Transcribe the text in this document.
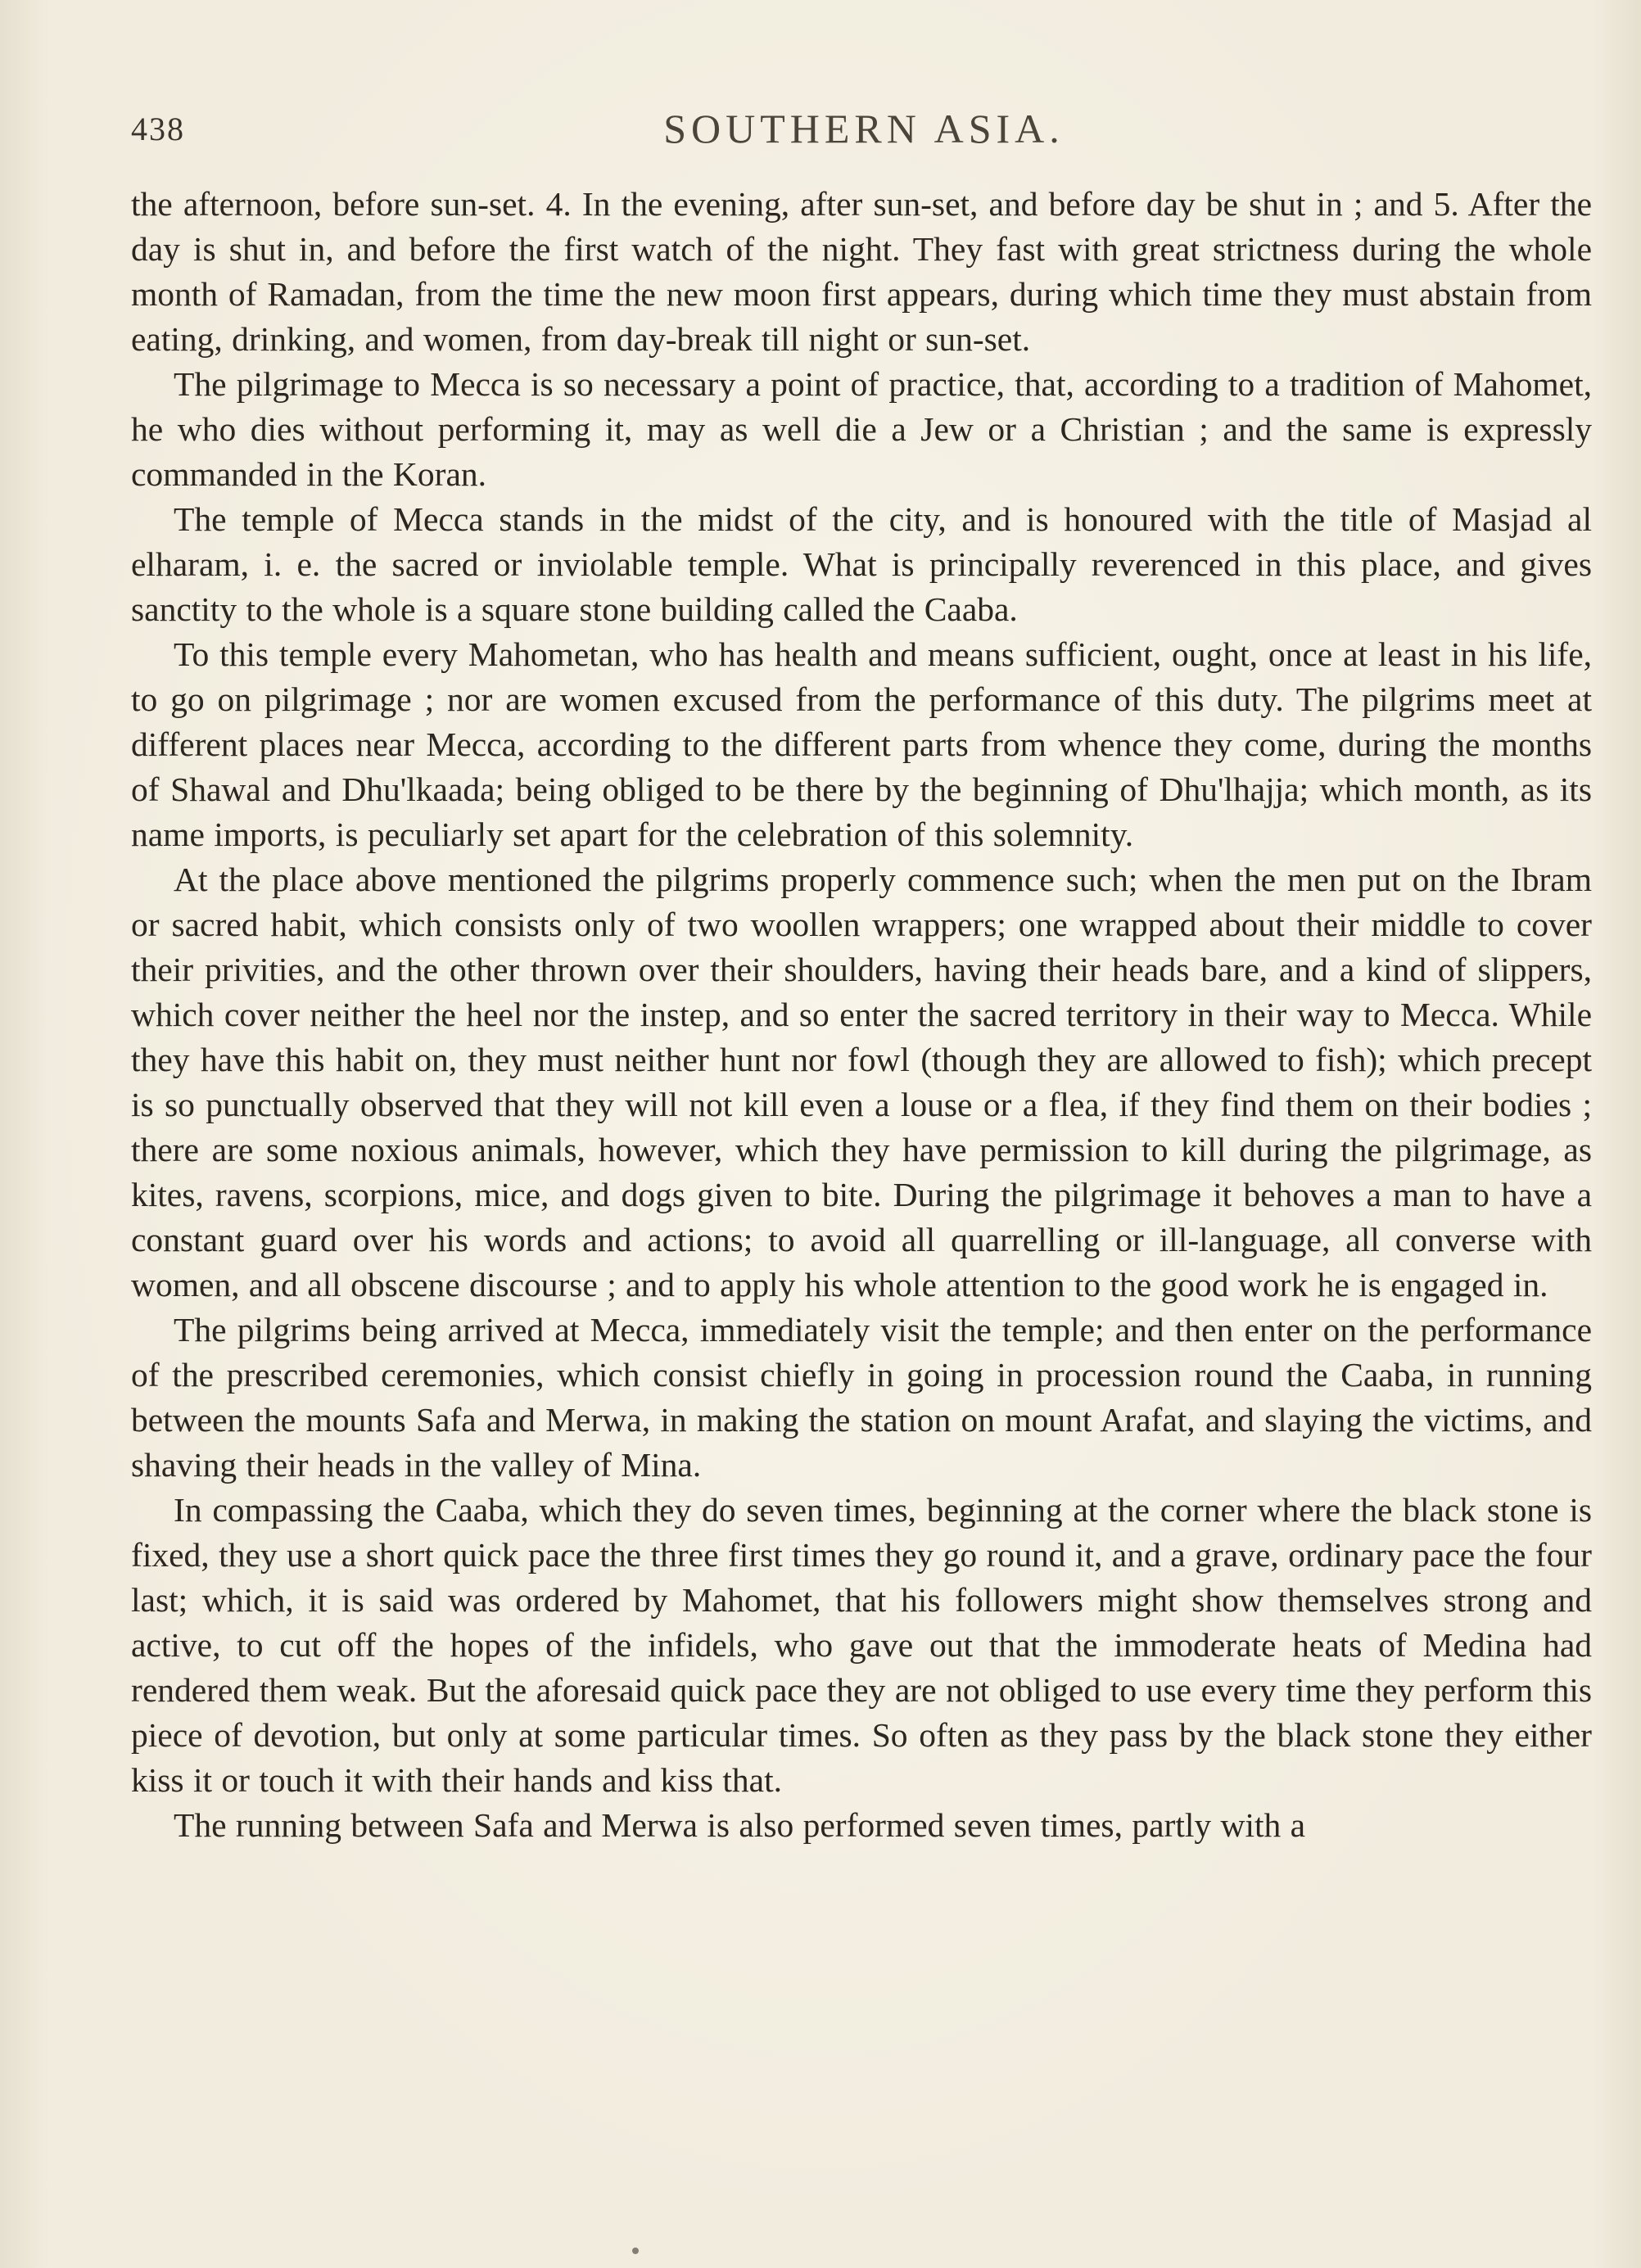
438	SOUTHERN ASIA.

the afternoon, before sun-set. 4. In the evening, after sun-set, and before day be shut in ; and 5. After the day is shut in, and before the first watch of the night. They fast with great strictness during the whole month of Ramadan, from the time the new moon first appears, during which time they must abstain from eating, drinking, and women, from day-break till night or sun-set.

The pilgrimage to Mecca is so necessary a point of practice, that, according to a tradition of Mahomet, he who dies without performing it, may as well die a Jew or a Christian ; and the same is expressly commanded in the Koran.

The temple of Mecca stands in the midst of the city, and is honoured with the title of Masjad al elharam, i. e. the sacred or inviolable temple. What is principally reverenced in this place, and gives sanctity to the whole is a square stone building called the Caaba.

To this temple every Mahometan, who has health and means sufficient, ought, once at least in his life, to go on pilgrimage ; nor are women excused from the performance of this duty. The pilgrims meet at different places near Mecca, according to the different parts from whence they come, during the months of Shawal and Dhu'lkaada; being obliged to be there by the beginning of Dhu'lhajja; which month, as its name imports, is peculiarly set apart for the celebration of this solemnity.

At the place above mentioned the pilgrims properly commence such; when the men put on the Ibram or sacred habit, which consists only of two woollen wrappers; one wrapped about their middle to cover their privities, and the other thrown over their shoulders, having their heads bare, and a kind of slippers, which cover neither the heel nor the instep, and so enter the sacred territory in their way to Mecca. While they have this habit on, they must neither hunt nor fowl (though they are allowed to fish); which precept is so punctually observed that they will not kill even a louse or a flea, if they find them on their bodies ; there are some noxious animals, however, which they have permission to kill during the pilgrimage, as kites, ravens, scorpions, mice, and dogs given to bite. During the pilgrimage it behoves a man to have a constant guard over his words and actions; to avoid all quarrelling or ill-language, all converse with women, and all obscene discourse ; and to apply his whole attention to the good work he is engaged in.

The pilgrims being arrived at Mecca, immediately visit the temple; and then enter on the performance of the prescribed ceremonies, which consist chiefly in going in procession round the Caaba, in running between the mounts Safa and Merwa, in making the station on mount Arafat, and slaying the victims, and shaving their heads in the valley of Mina.

In compassing the Caaba, which they do seven times, beginning at the corner where the black stone is fixed, they use a short quick pace the three first times they go round it, and a grave, ordinary pace the four last; which, it is said was ordered by Mahomet, that his followers might show themselves strong and active, to cut off the hopes of the infidels, who gave out that the immoderate heats of Medina had rendered them weak. But the aforesaid quick pace they are not obliged to use every time they perform this piece of devotion, but only at some particular times. So often as they pass by the black stone they either kiss it or touch it with their hands and kiss that.

The running between Safa and Merwa is also performed seven times, partly with a
